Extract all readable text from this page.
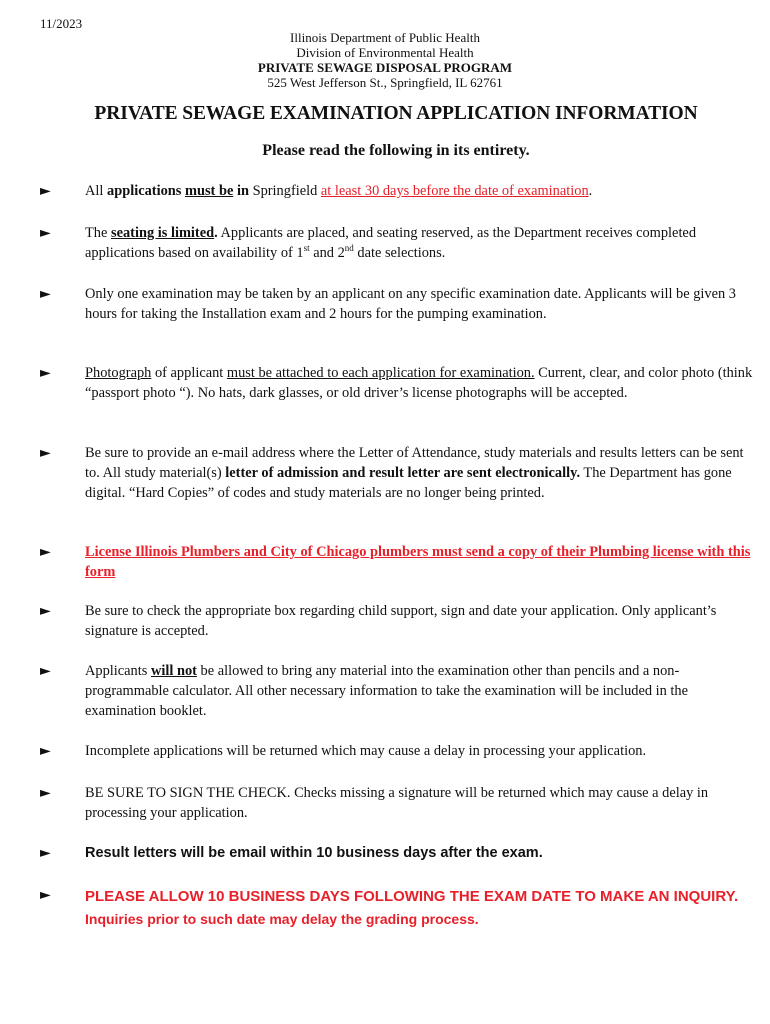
11/2023
Illinois Department of Public Health
Division of Environmental Health
PRIVATE SEWAGE DISPOSAL PROGRAM
525 West Jefferson St., Springfield, IL 62761
PRIVATE SEWAGE EXAMINATION APPLICATION INFORMATION
Please read the following in its entirety.
► All applications must be in Springfield at least 30 days before the date of examination.
► The seating is limited. Applicants are placed, and seating reserved, as the Department receives completed applications based on availability of 1st and 2nd date selections.
► Only one examination may be taken by an applicant on any specific examination date. Applicants will be given 3 hours for taking the Installation exam and 2 hours for the pumping examination.
► Photograph of applicant must be attached to each application for examination. Current, clear, and color photo (think “passport photo “). No hats, dark glasses, or old driver’s license photographs will be accepted.
► Be sure to provide an e-mail address where the Letter of Attendance, study materials and results letters can be sent to. All study material(s) letter of admission and result letter are sent electronically. The Department has gone digital. “Hard Copies” of codes and study materials are no longer being printed.
► License Illinois Plumbers and City of Chicago plumbers must send a copy of their Plumbing license with this form
► Be sure to check the appropriate box regarding child support, sign and date your application. Only applicant’s signature is accepted.
► Applicants will not be allowed to bring any material into the examination other than pencils and a non-programmable calculator. All other necessary information to take the examination will be included in the examination booklet.
► Incomplete applications will be returned which may cause a delay in processing your application.
► BE SURE TO SIGN THE CHECK. Checks missing a signature will be returned which may cause a delay in processing your application.
► Result letters will be email within 10 business days after the exam.
► PLEASE ALLOW 10 BUSINESS DAYS FOLLOWING THE EXAM DATE TO MAKE AN INQUIRY. Inquiries prior to such date may delay the grading process.
